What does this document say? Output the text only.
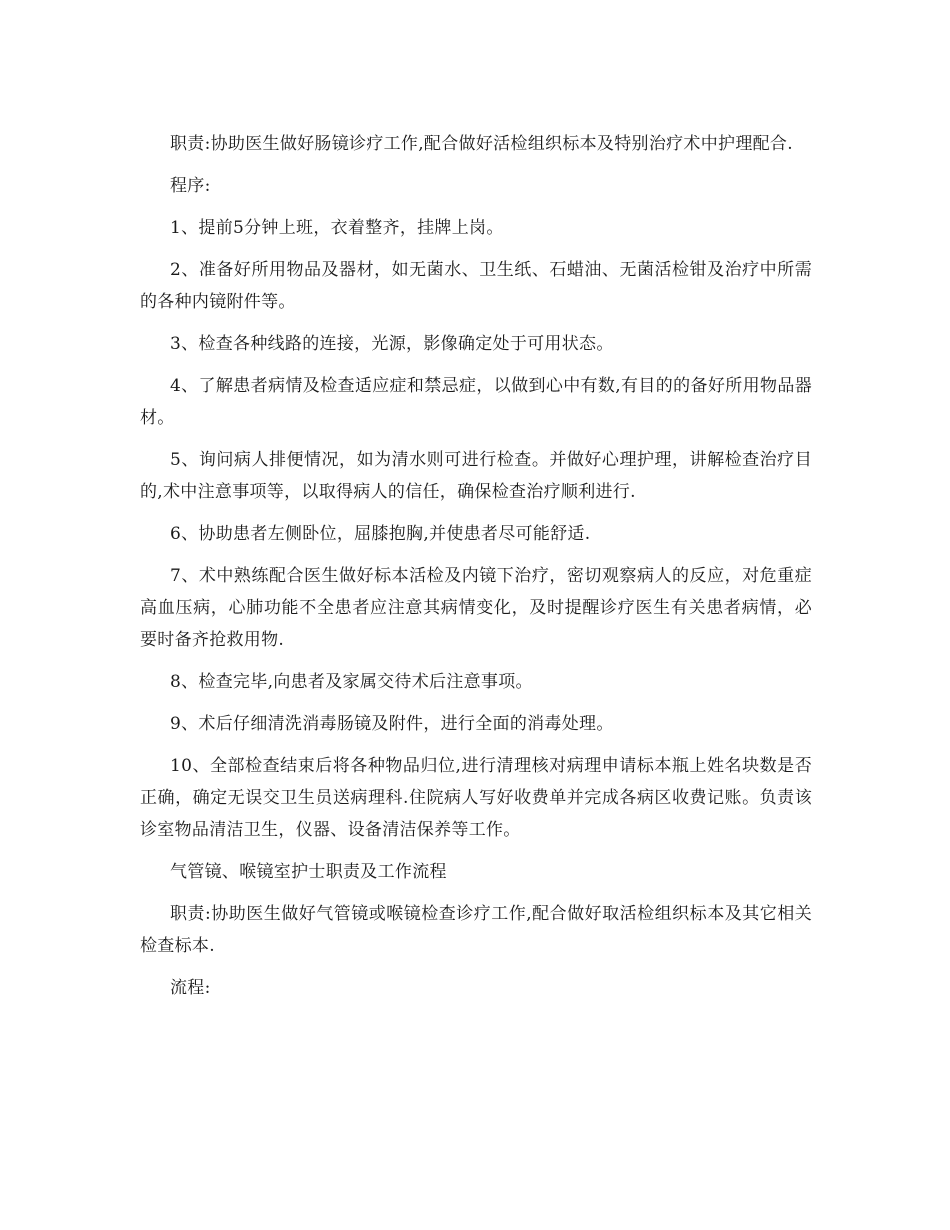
职责:协助医生做好肠镜诊疗工作,配合做好活检组织标本及特别治疗术中护理配合.

程序:

1、提前5分钟上班，衣着整齐，挂牌上岗。

2、准备好所用物品及器材，如无菌水、卫生纸、石蜡油、无菌活检钳及治疗中所需的各种内镜附件等。

3、检查各种线路的连接，光源，影像确定处于可用状态。

4、了解患者病情及检查适应症和禁忌症，以做到心中有数,有目的的备好所用物品器材。

5、询问病人排便情况，如为清水则可进行检查。并做好心理护理，讲解检查治疗目的,术中注意事项等，以取得病人的信任，确保检查治疗顺利进行.

6、协助患者左侧卧位，屈膝抱胸,并使患者尽可能舒适.

7、术中熟练配合医生做好标本活检及内镜下治疗，密切观察病人的反应，对危重症高血压病，心肺功能不全患者应注意其病情变化，及时提醒诊疗医生有关患者病情，必要时备齐抢救用物.

8、检查完毕,向患者及家属交待术后注意事项。

9、术后仔细清洗消毒肠镜及附件，进行全面的消毒处理。

10、全部检查结束后将各种物品归位,进行清理核对病理申请标本瓶上姓名块数是否正确，确定无误交卫生员送病理科.住院病人写好收费单并完成各病区收费记账。负责该诊室物品清洁卫生，仪器、设备清洁保养等工作。

气管镜、喉镜室护士职责及工作流程

职责:协助医生做好气管镜或喉镜检查诊疗工作,配合做好取活检组织标本及其它相关检查标本.

流程:
